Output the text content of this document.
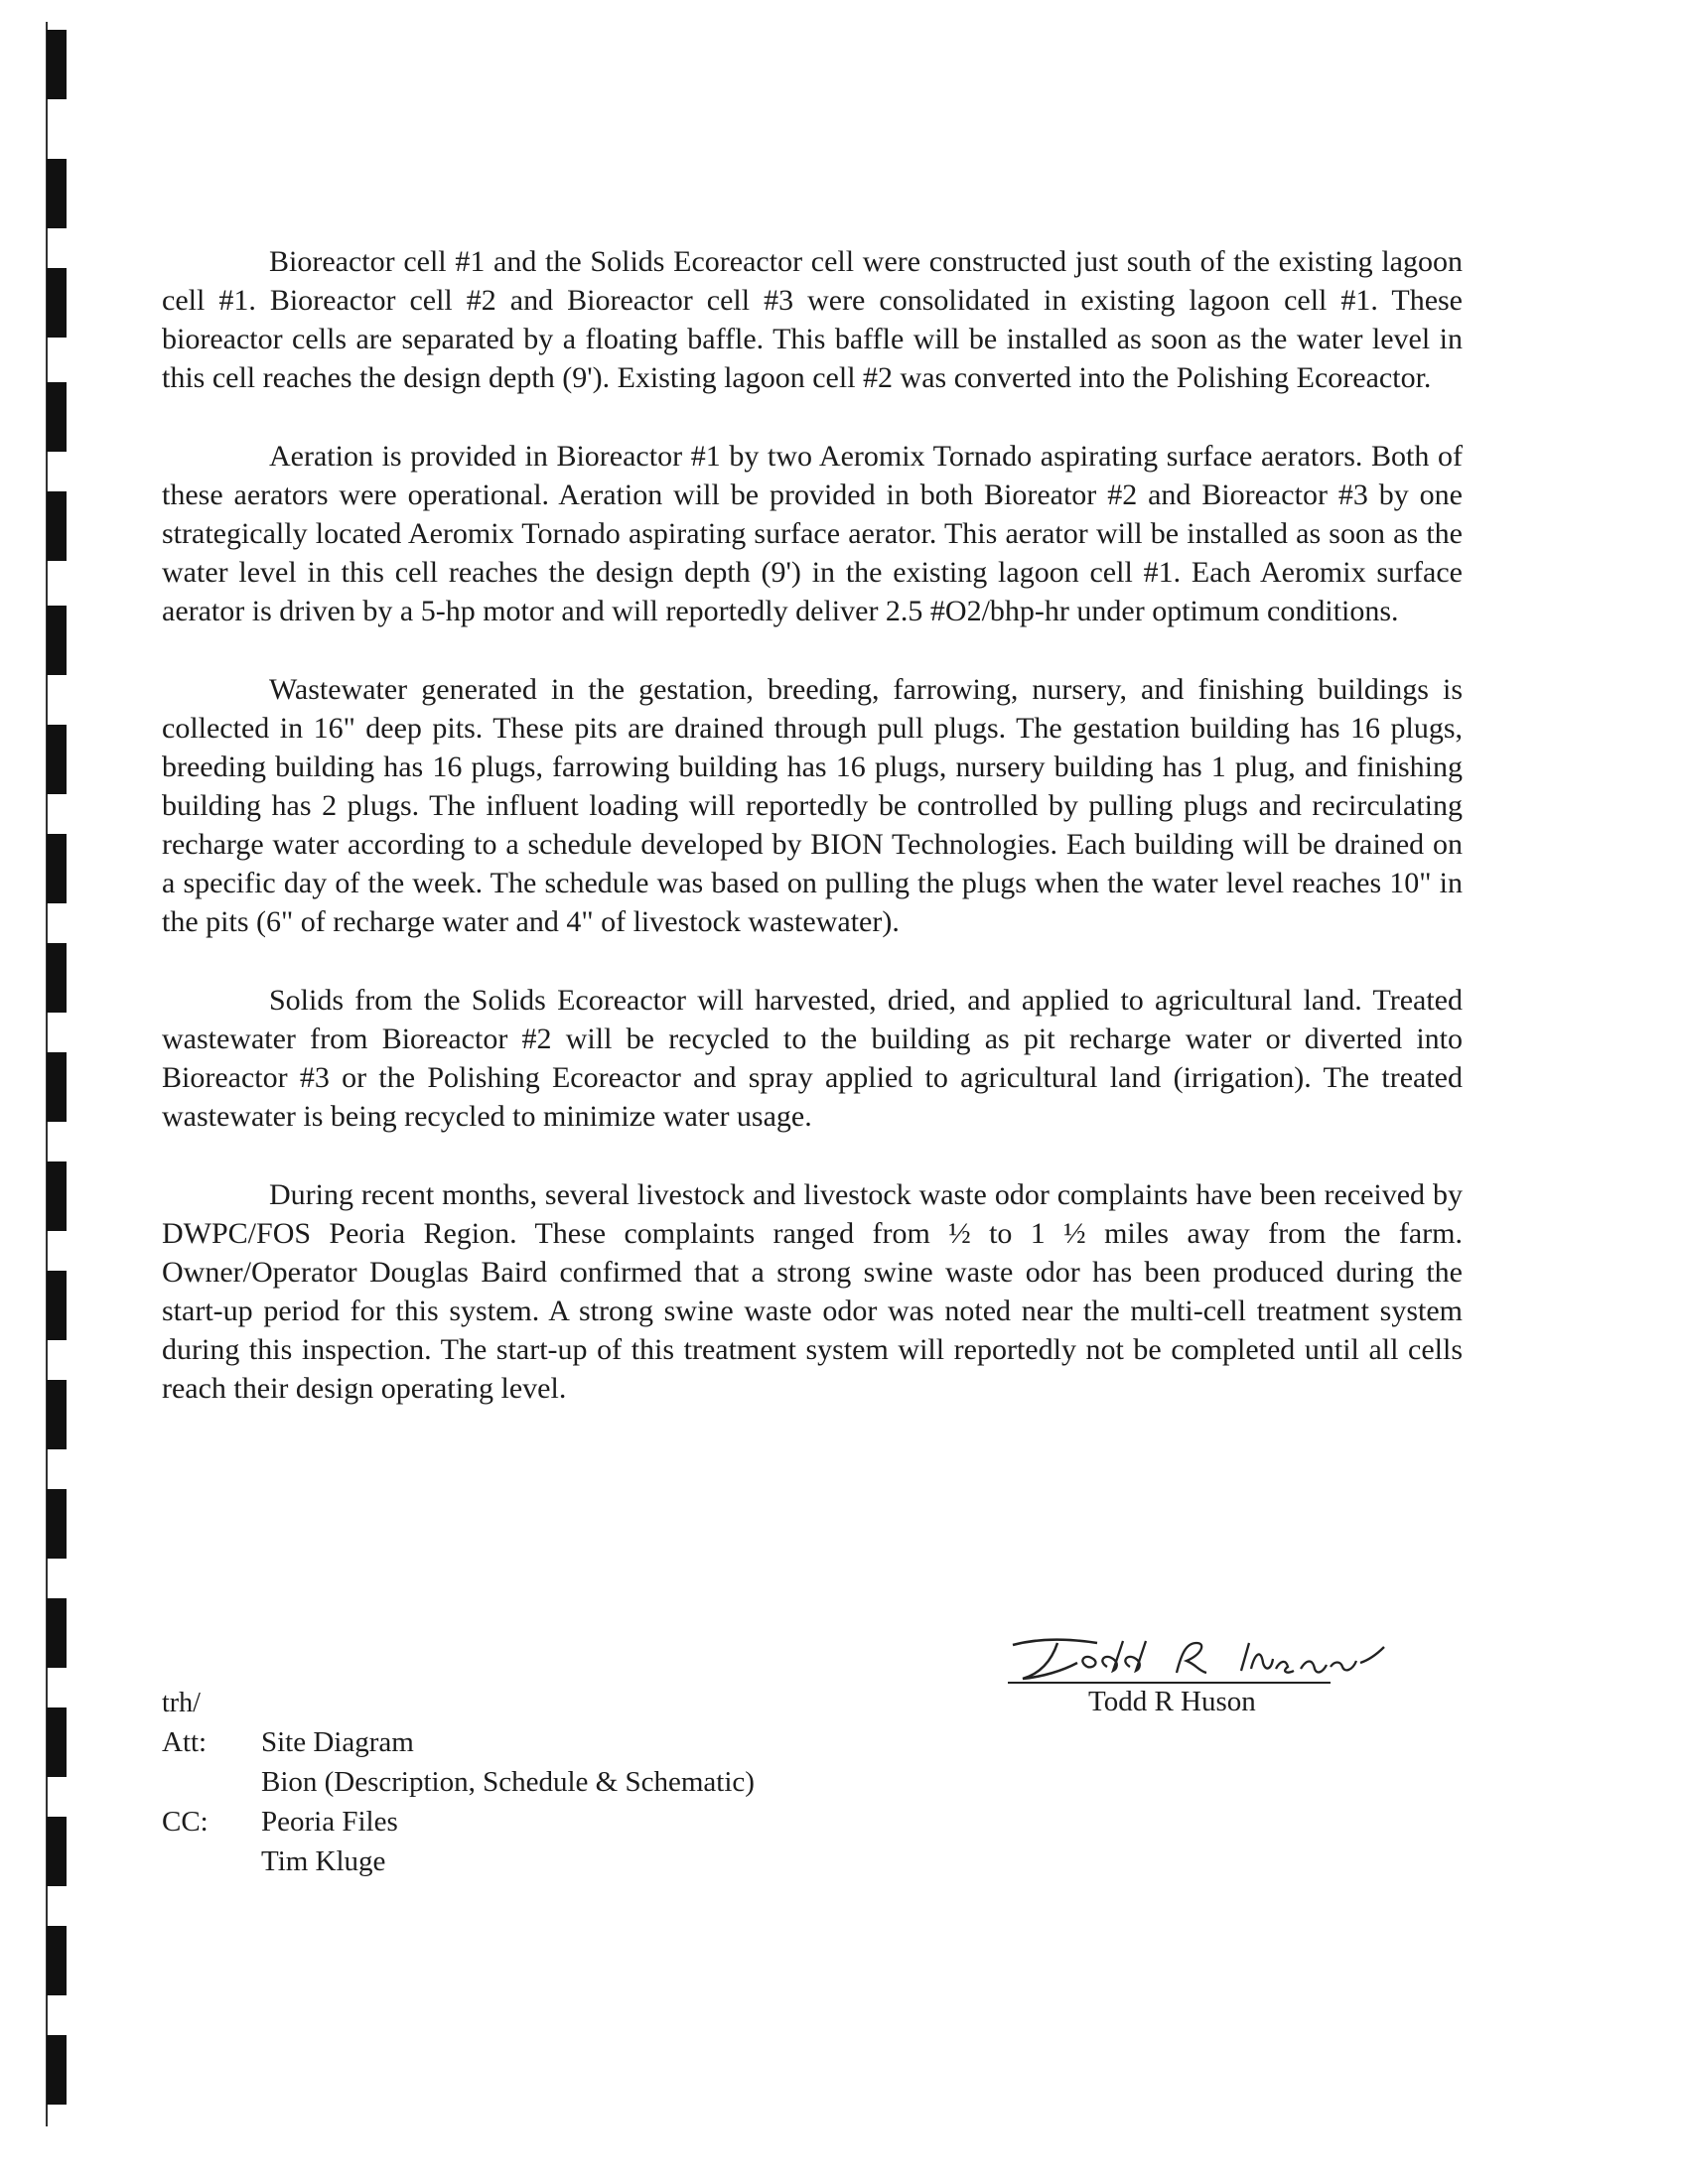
Bioreactor cell #1 and the Solids Ecoreactor cell were constructed just south of the existing lagoon cell #1. Bioreactor cell #2 and Bioreactor cell #3 were consolidated in existing lagoon cell #1. These bioreactor cells are separated by a floating baffle. This baffle will be installed as soon as the water level in this cell reaches the design depth (9'). Existing lagoon cell #2 was converted into the Polishing Ecoreactor.

Aeration is provided in Bioreactor #1 by two Aeromix Tornado aspirating surface aerators. Both of these aerators were operational. Aeration will be provided in both Bioreator #2 and Bioreactor #3 by one strategically located Aeromix Tornado aspirating surface aerator. This aerator will be installed as soon as the water level in this cell reaches the design depth (9') in the existing lagoon cell #1. Each Aeromix surface aerator is driven by a 5-hp motor and will reportedly deliver 2.5 #O2/bhp-hr under optimum conditions.

Wastewater generated in the gestation, breeding, farrowing, nursery, and finishing buildings is collected in 16" deep pits. These pits are drained through pull plugs. The gestation building has 16 plugs, breeding building has 16 plugs, farrowing building has 16 plugs, nursery building has 1 plug, and finishing building has 2 plugs. The influent loading will reportedly be controlled by pulling plugs and recirculating recharge water according to a schedule developed by BION Technologies. Each building will be drained on a specific day of the week. The schedule was based on pulling the plugs when the water level reaches 10" in the pits (6" of recharge water and 4" of livestock wastewater).

Solids from the Solids Ecoreactor will harvested, dried, and applied to agricultural land. Treated wastewater from Bioreactor #2 will be recycled to the building as pit recharge water or diverted into Bioreactor #3 or the Polishing Ecoreactor and spray applied to agricultural land (irrigation). The treated wastewater is being recycled to minimize water usage.

During recent months, several livestock and livestock waste odor complaints have been received by DWPC/FOS Peoria Region. These complaints ranged from ½ to 1 ½ miles away from the farm. Owner/Operator Douglas Baird confirmed that a strong swine waste odor has been produced during the start-up period for this system. A strong swine waste odor was noted near the multi-cell treatment system during this inspection. The start-up of this treatment system will reportedly not be completed until all cells reach their design operating level.

Todd R Huson
trh/
Att: Site Diagram
Bion (Description, Schedule & Schematic)
CC: Peoria Files
Tim Kluge
